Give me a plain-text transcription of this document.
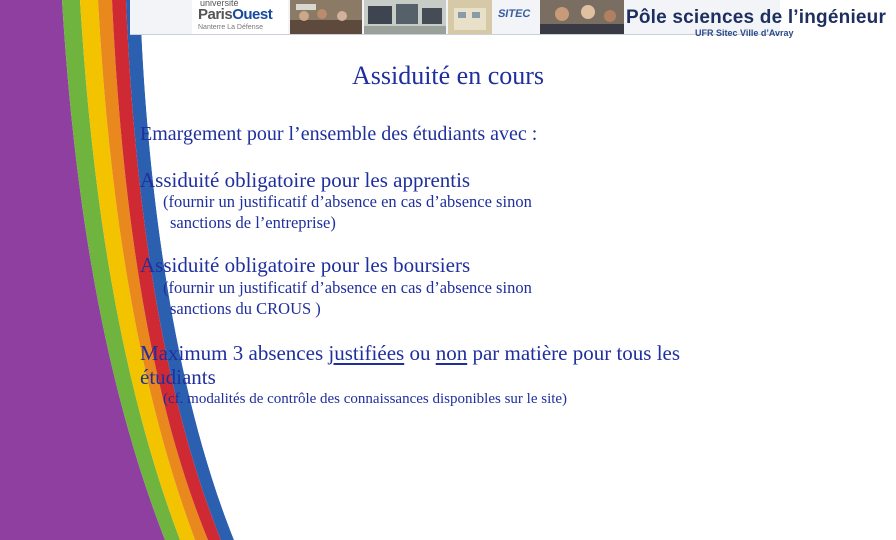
université
ParisOuest
Nanterre La Défense
SITEC	Pôle sciences de l’ingénieur
UFR Sitec Ville d’Avray
Assiduité en cours
Emargement pour l’ensemble des étudiants avec :
Assiduité obligatoire pour les apprentis
(fournir un justificatif d’absence en cas d’absence sinon
sanctions de l’entreprise)
Assiduité obligatoire pour les boursiers
(fournir un justificatif d’absence en cas d’absence sinon
sanctions du CROUS )
Maximum 3 absences justifiées ou non par matière pour tous les
étudiants
(cf. modalités de contrôle des connaissances disponibles sur le site)
